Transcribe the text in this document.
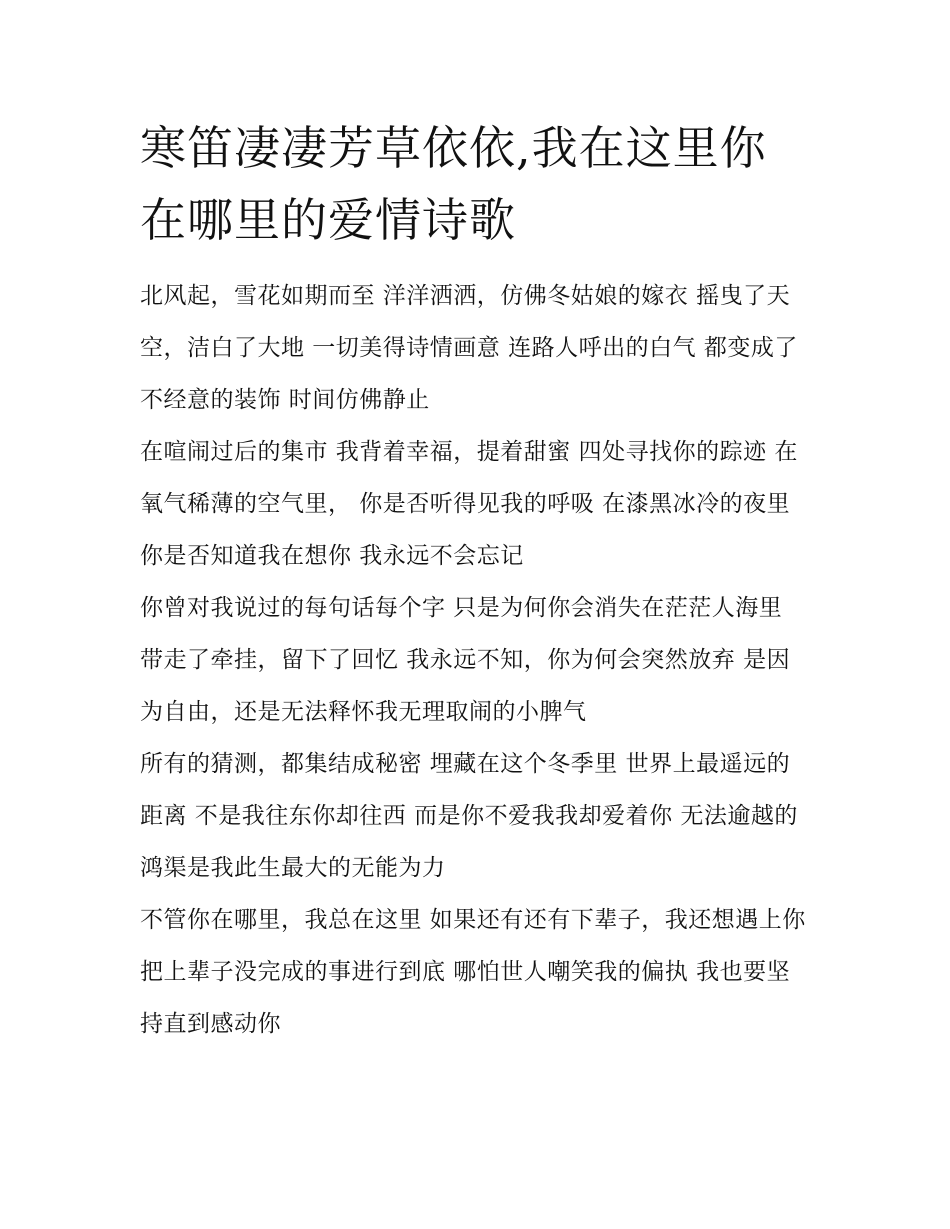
寒笛凄凄芳草依依,我在这里你在哪里的爱情诗歌

北风起，雪花如期而至 洋洋洒洒，仿佛冬姑娘的嫁衣 摇曳了天空，洁白了大地 一切美得诗情画意 连路人呼出的白气 都变成了不经意的装饰 时间仿佛静止

在喧闹过后的集市 我背着幸福，提着甜蜜 四处寻找你的踪迹 在氧气稀薄的空气里， 你是否听得见我的呼吸 在漆黑冰冷的夜里 你是否知道我在想你 我永远不会忘记

你曾对我说过的每句话每个字 只是为何你会消失在茫茫人海里 带走了牵挂，留下了回忆 我永远不知，你为何会突然放弃 是因为自由，还是无法释怀我无理取闹的小脾气

所有的猜测，都集结成秘密 埋藏在这个冬季里 世界上最遥远的距离 不是我往东你却往西 而是你不爱我我却爱着你 无法逾越的鸿渠是我此生最大的无能为力

不管你在哪里，我总在这里 如果还有还有下辈子，我还想遇上你 把上辈子没完成的事进行到底 哪怕世人嘲笑我的偏执 我也要坚持直到感动你
